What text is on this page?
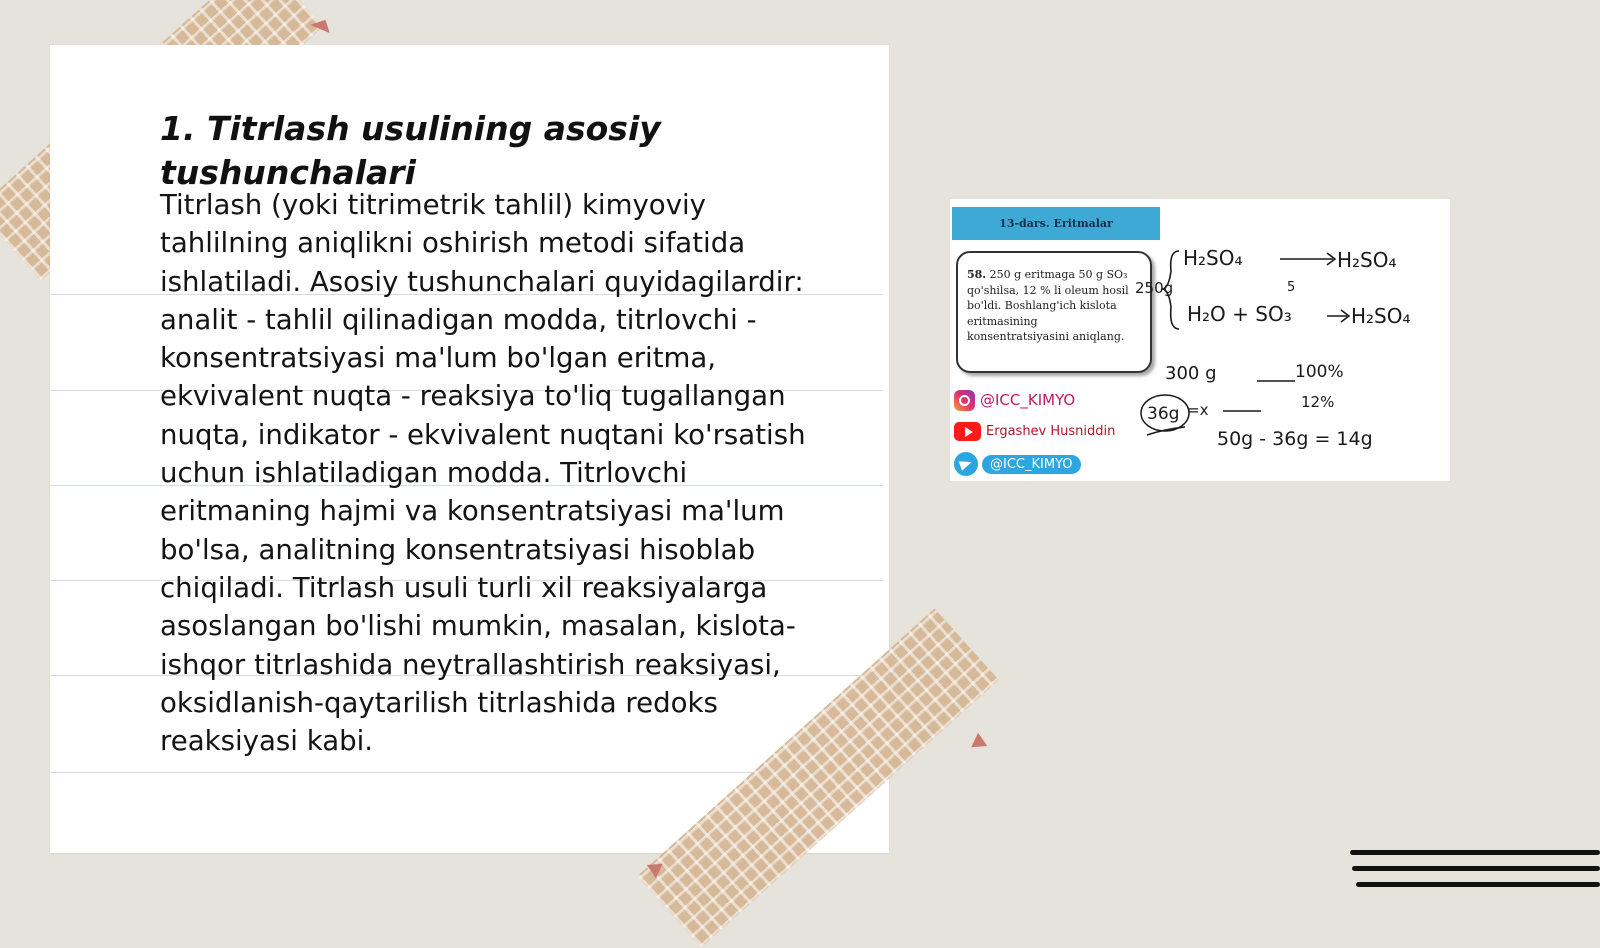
1. Titrlash usulining asosiy tushunchalari

Titrlash (yoki titrimetrik tahlil) kimyoviy tahlilning aniqlikni oshirish metodi sifatida ishlatiladi. Asosiy tushunchalari quyidagilardir: analit - tahlil qilinadigan modda, titrlovchi - konsentratsiyasi ma'lum bo'lgan eritma, ekvivalent nuqta - reaksiya to'liq tugallangan nuqta, indikator - ekvivalent nuqtani ko'rsatish uchun ishlatiladigan modda. Titrlovchi eritmaning hajmi va konsentratsiyasi ma'lum bo'lsa, analitning konsentratsiyasi hisoblab chiqiladi. Titrlash usuli turli xil reaksiyalarga asoslangan bo'lishi mumkin, masalan, kislota-ishqor titrlashida neytrallashtirish reaksiyasi, oksidlanish-qaytarilish titrlashida redoks reaksiyasi kabi.

13-dars. Eritmalar
58. 250 g eritmaga 50 g SO₃ qo'shilsa, 12 % li oleum hosil bo'ldi. Boshlang'ich kislota eritmasining konsentratsiyasini aniqlang.
@ICC_KIMYO
Ergashev Husniddin
@ICC_KIMYO
H₂SO₄	H₂SO₄
5
250g
H₂O + SO₃	H₂SO₄
300 g	100%
36g =x	12%
50g - 36g = 14g
